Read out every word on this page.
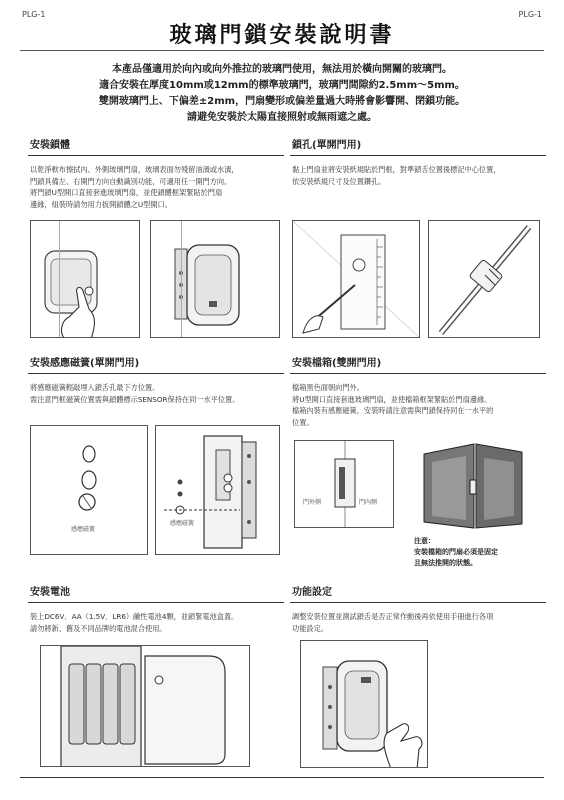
PLG-1	PLG-1
玻璃門鎖安裝說明書
本產品僅適用於向內或向外推拉的玻璃門使用，無法用於橫向開關的玻璃門。
適合安裝在厚度10mm或12mm的標準玻璃門，玻璃門間隙約2.5mm～5mm。
雙開玻璃門上、下偏差±2mm，門扇變形或偏差量過大時將會影響開、閉鎖功能。
請避免安裝於太陽直接照射或無雨遮之處。
安裝鎖體
以乾淨軟布擦拭內、外側玻璃門扇，玻璃表面勿殘留油漬或水漬，
門鎖具備左、右開門方向自動識別功能，可適用任一開門方向。
將門鎖U型開口直接套進玻璃門扇，並使鎖體框架緊貼於門扇
邊緣，組裝時請勿用力扳開鎖體之U型開口。
鎖孔(單開門用)
黏上門扇並將安裝紙規貼於門框，對準鎖舌位置後標記中心位置，
依安裝紙規尺寸及位置鑽孔。
安裝感應磁簧(單開門用)
將感應磁簧輕敲埋入鎖舌孔最下方位置。
需注意門框磁簧位置需與鎖體標示SENSOR保持在同一水平位置。
感應磁簧
感應磁簧
安裝檔箱(雙開門用)
檔箱黑色面朝向門外。
將U型開口直接套進玻璃門扇，並使檔箱框架緊貼於門扇邊緣。
檔箱內裝有感應磁簧，安裝時請注意需與門鎖保持同在一水平的
位置。
門外側	門內側
注意：
安裝檔箱的門扇必須是固定
且無法推開的狀態。
安裝電池
裝上DC6V．AA（1.5V．LR6）鹼性電池4顆，並鎖緊電池盒蓋。
請勿將新、舊及不同品牌的電池混合使用。
功能設定
調整安裝位置並測試鎖舌是否正常作動後再依使用手冊進行各項
功能設定。
